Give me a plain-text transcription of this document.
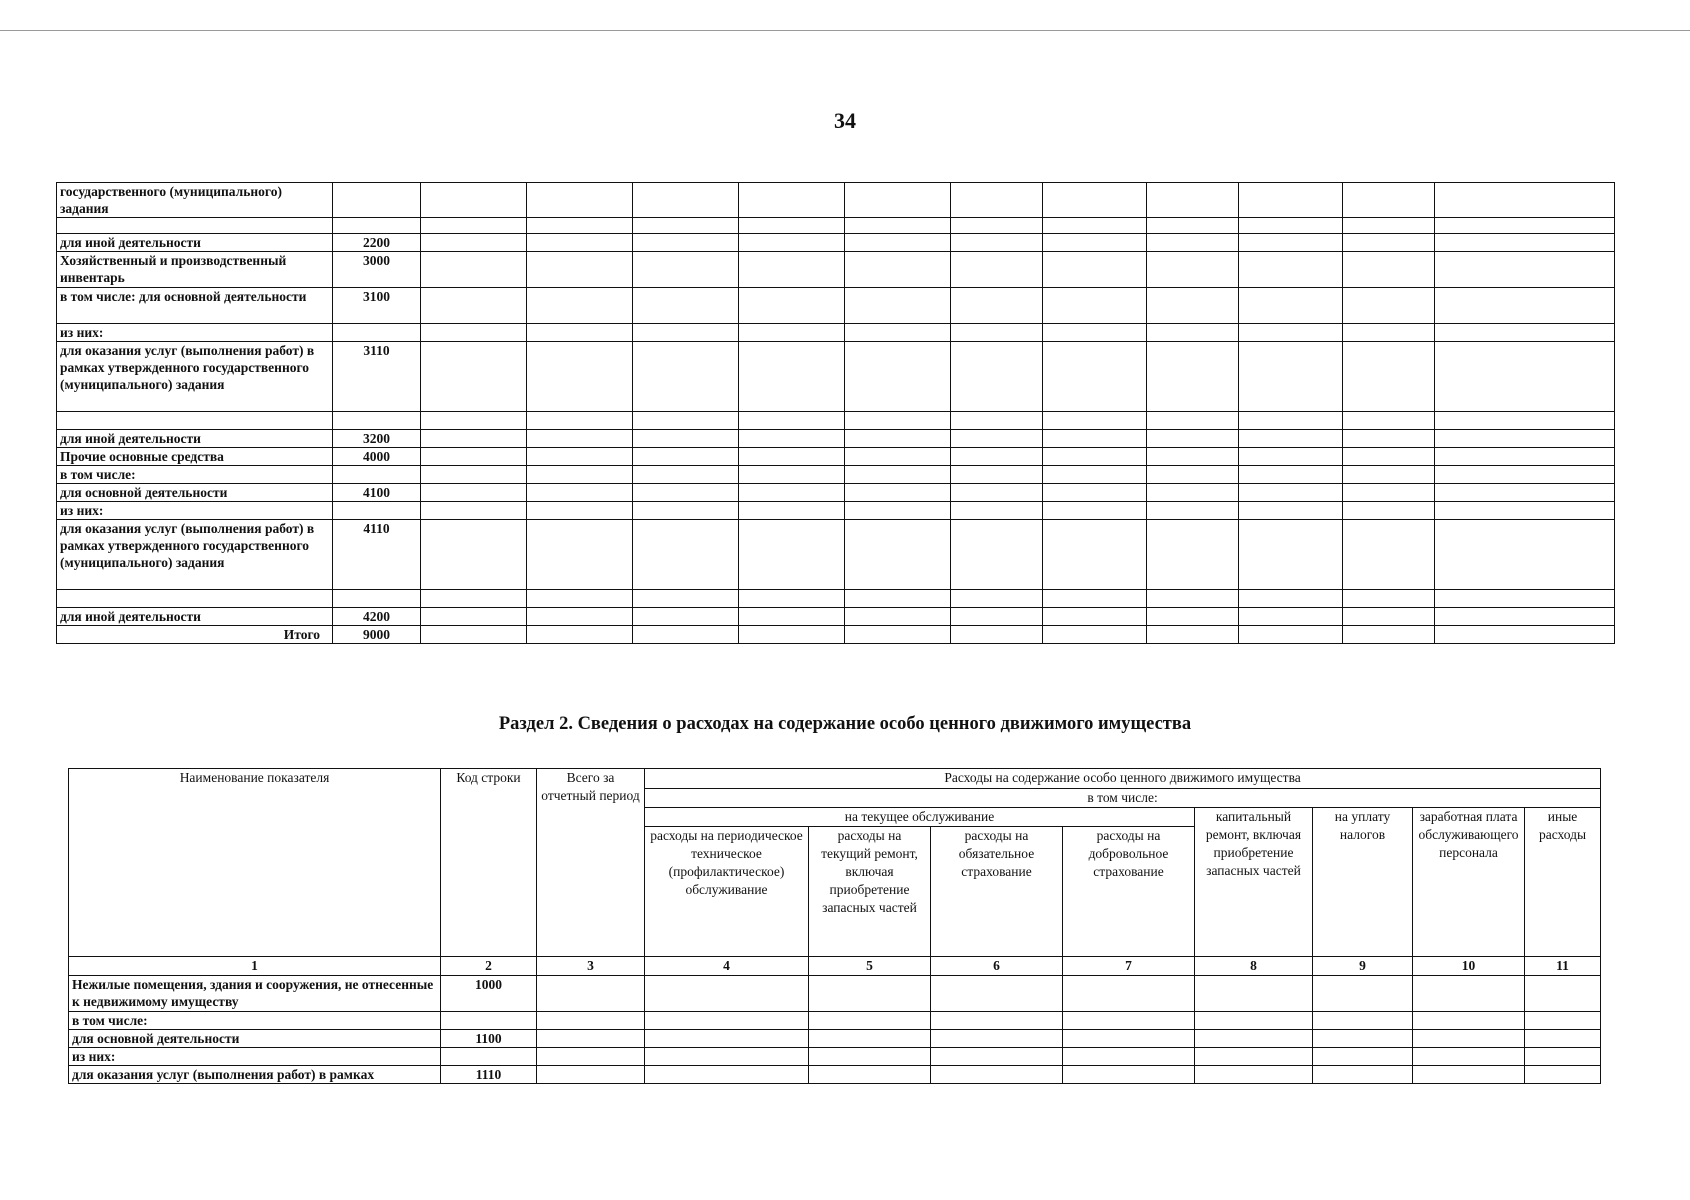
34
государственного (муниципального) задания												

для иной деятельности	2200											
Хозяйственный и производственный инвентарь	3000											
в том числе: для основной деятельности	3100											
из них:												
для оказания услуг (выполнения работ) в рамках утвержденного государственного (муниципального) задания	3110											

для иной деятельности	3200											
Прочие основные средства	4000											
в том числе:												
для основной деятельности	4100											
из них:												
для оказания услуг (выполнения работ) в рамках утвержденного государственного (муниципального) задания	4110											

для иной деятельности	4200											
Итого	9000											
Раздел 2. Сведения о расходах на содержание особо ценного движимого имущества
Наименование показателя	Код строки	Всего за отчетный период	Расходы на содержание особо ценного движимого имущества							
			в том числе:							
			на текущее обслуживание				капитальный ремонт, включая приобретение запасных частей	на уплату налогов	заработная плата обслуживающего персонала	иные расходы
			расходы на периодическое техническое (профилактическое) обслуживание	расходы на текущий ремонт, включая приобретение запасных частей	расходы на обязательное страхование	расходы на добровольное страхование				
1	2	3	4	5	6	7	8	9	10	11
Нежилые помещения, здания и сооружения, не отнесенные к недвижимому имуществу	1000									
в том числе:										
для основной деятельности	1100									
из них:										
для оказания услуг (выполнения работ) в рамках	1110									
